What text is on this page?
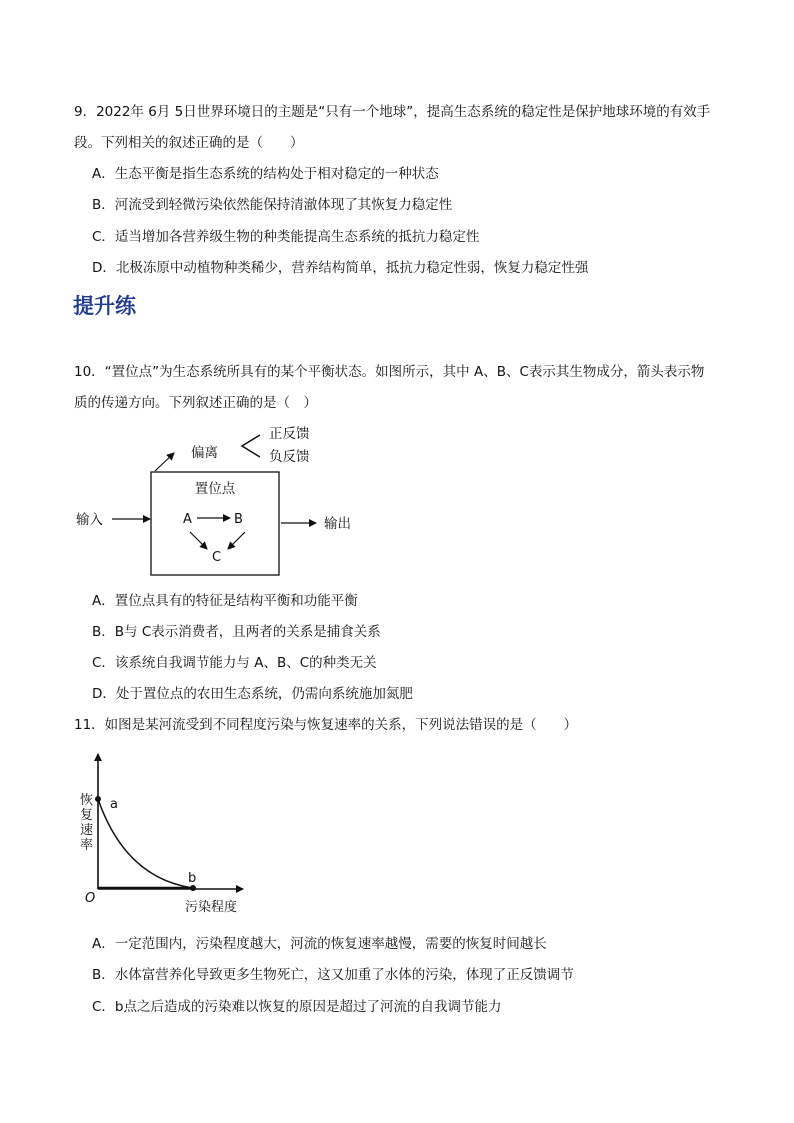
9．2022年 6月 5日世界环境日的主题是“只有一个地球”，提高生态系统的稳定性是保护地球环境的有效手
段。下列相关的叙述正确的是（　　）
A．生态平衡是指生态系统的结构处于相对稳定的一种状态
B．河流受到轻微污染依然能保持清澈体现了其恢复力稳定性
C．适当增加各营养级生物的种类能提高生态系统的抵抗力稳定性
D．北极冻原中动植物种类稀少，营养结构简单，抵抗力稳定性弱，恢复力稳定性强
提升练
10．“置位点”为生态系统所具有的某个平衡状态。如图所示，其中 A、B、C表示其生物成分，箭头表示物
质的传递方向。下列叙述正确的是（　）
置位点
输入	输出
A	B
C
偏离
正反馈
负反馈
A．置位点具有的特征是结构平衡和功能平衡
B．B与 C表示消费者，且两者的关系是捕食关系
C．该系统自我调节能力与 A、B、C的种类无关
D．处于置位点的农田生态系统，仍需向系统施加氮肥
11．如图是某河流受到不同程度污染与恢复速率的关系，下列说法错误的是（　　）
a
b
O
污染程度
恢 复 速 率
A．一定范围内，污染程度越大，河流的恢复速率越慢，需要的恢复时间越长
B．水体富营养化导致更多生物死亡，这又加重了水体的污染，体现了正反馈调节
C．b点之后造成的污染难以恢复的原因是超过了河流的自我调节能力
